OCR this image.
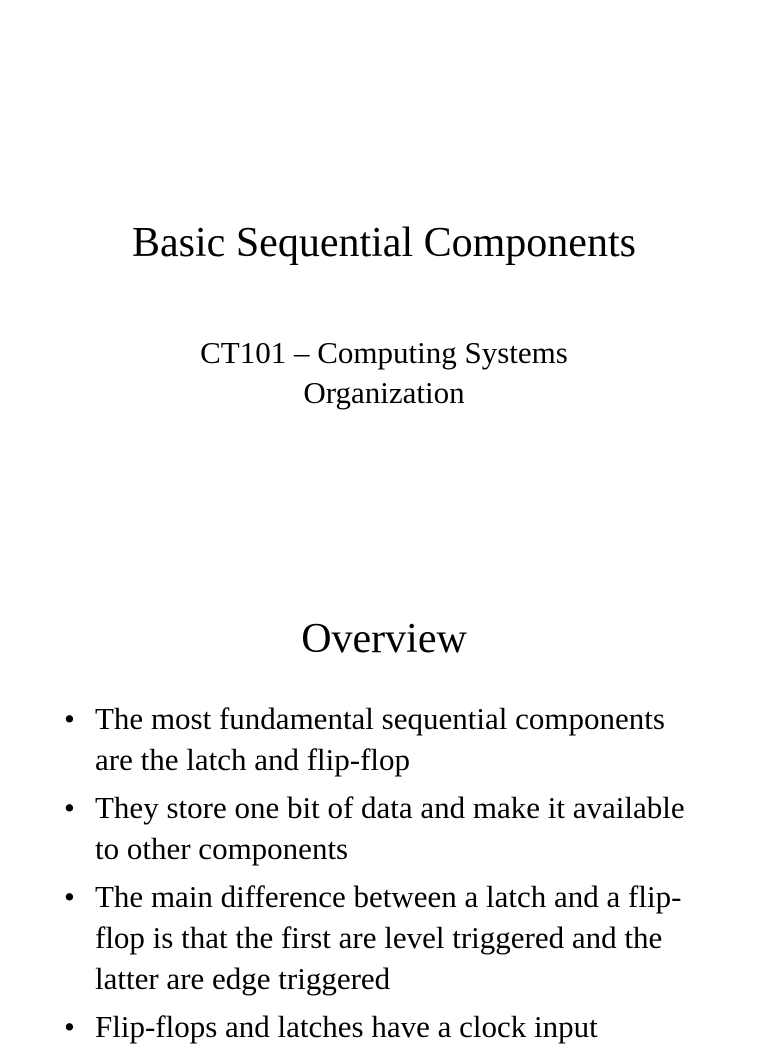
Basic Sequential Components
CT101 – Computing Systems
Organization
Overview
• The most fundamental sequential components are the latch and flip-flop
• They store one bit of data and make it available to other components
• The main difference between a latch and a flip-flop is that the first are level triggered and the latter are edge triggered
• Flip-flops and latches have a clock input
